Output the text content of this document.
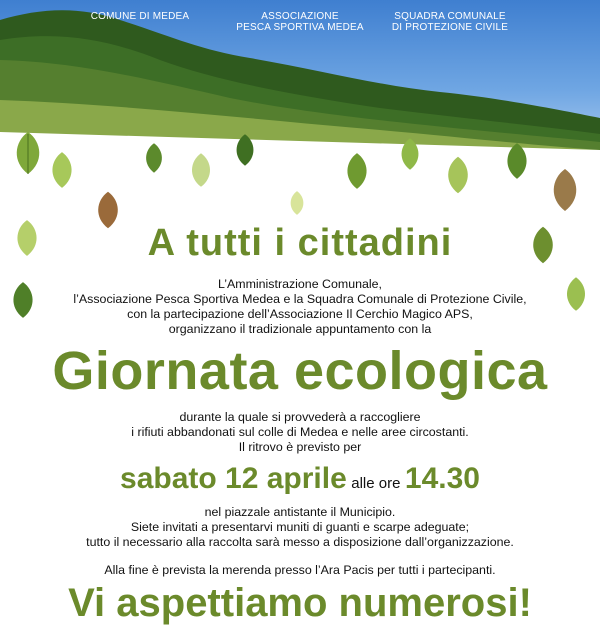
COMUNE DI MEDEA	ASSOCIAZIONE
PESCA SPORTIVA MEDEA
SQUADRA COMUNALE
DI PROTEZIONE CIVILE
A tutti i cittadini
L’Amministrazione Comunale,
l’Associazione Pesca Sportiva Medea e la Squadra Comunale di Protezione Civile,
con la partecipazione dell’Associazione Il Cerchio Magico APS,
organizzano il tradizionale appuntamento con la
Giornata ecologica
durante la quale si provvederà a raccogliere
i rifiuti abbandonati sul colle di Medea e nelle aree circostanti.
Il ritrovo è previsto per
sabato 12 aprile alle ore 14.30
nel piazzale antistante il Municipio.
Siete invitati a presentarvi muniti di guanti e scarpe adeguate;
tutto il necessario alla raccolta sarà messo a disposizione dall’organizzazione.
Alla fine è prevista la merenda presso l’Ara Pacis per tutti i partecipanti.
Vi aspettiamo numerosi!
